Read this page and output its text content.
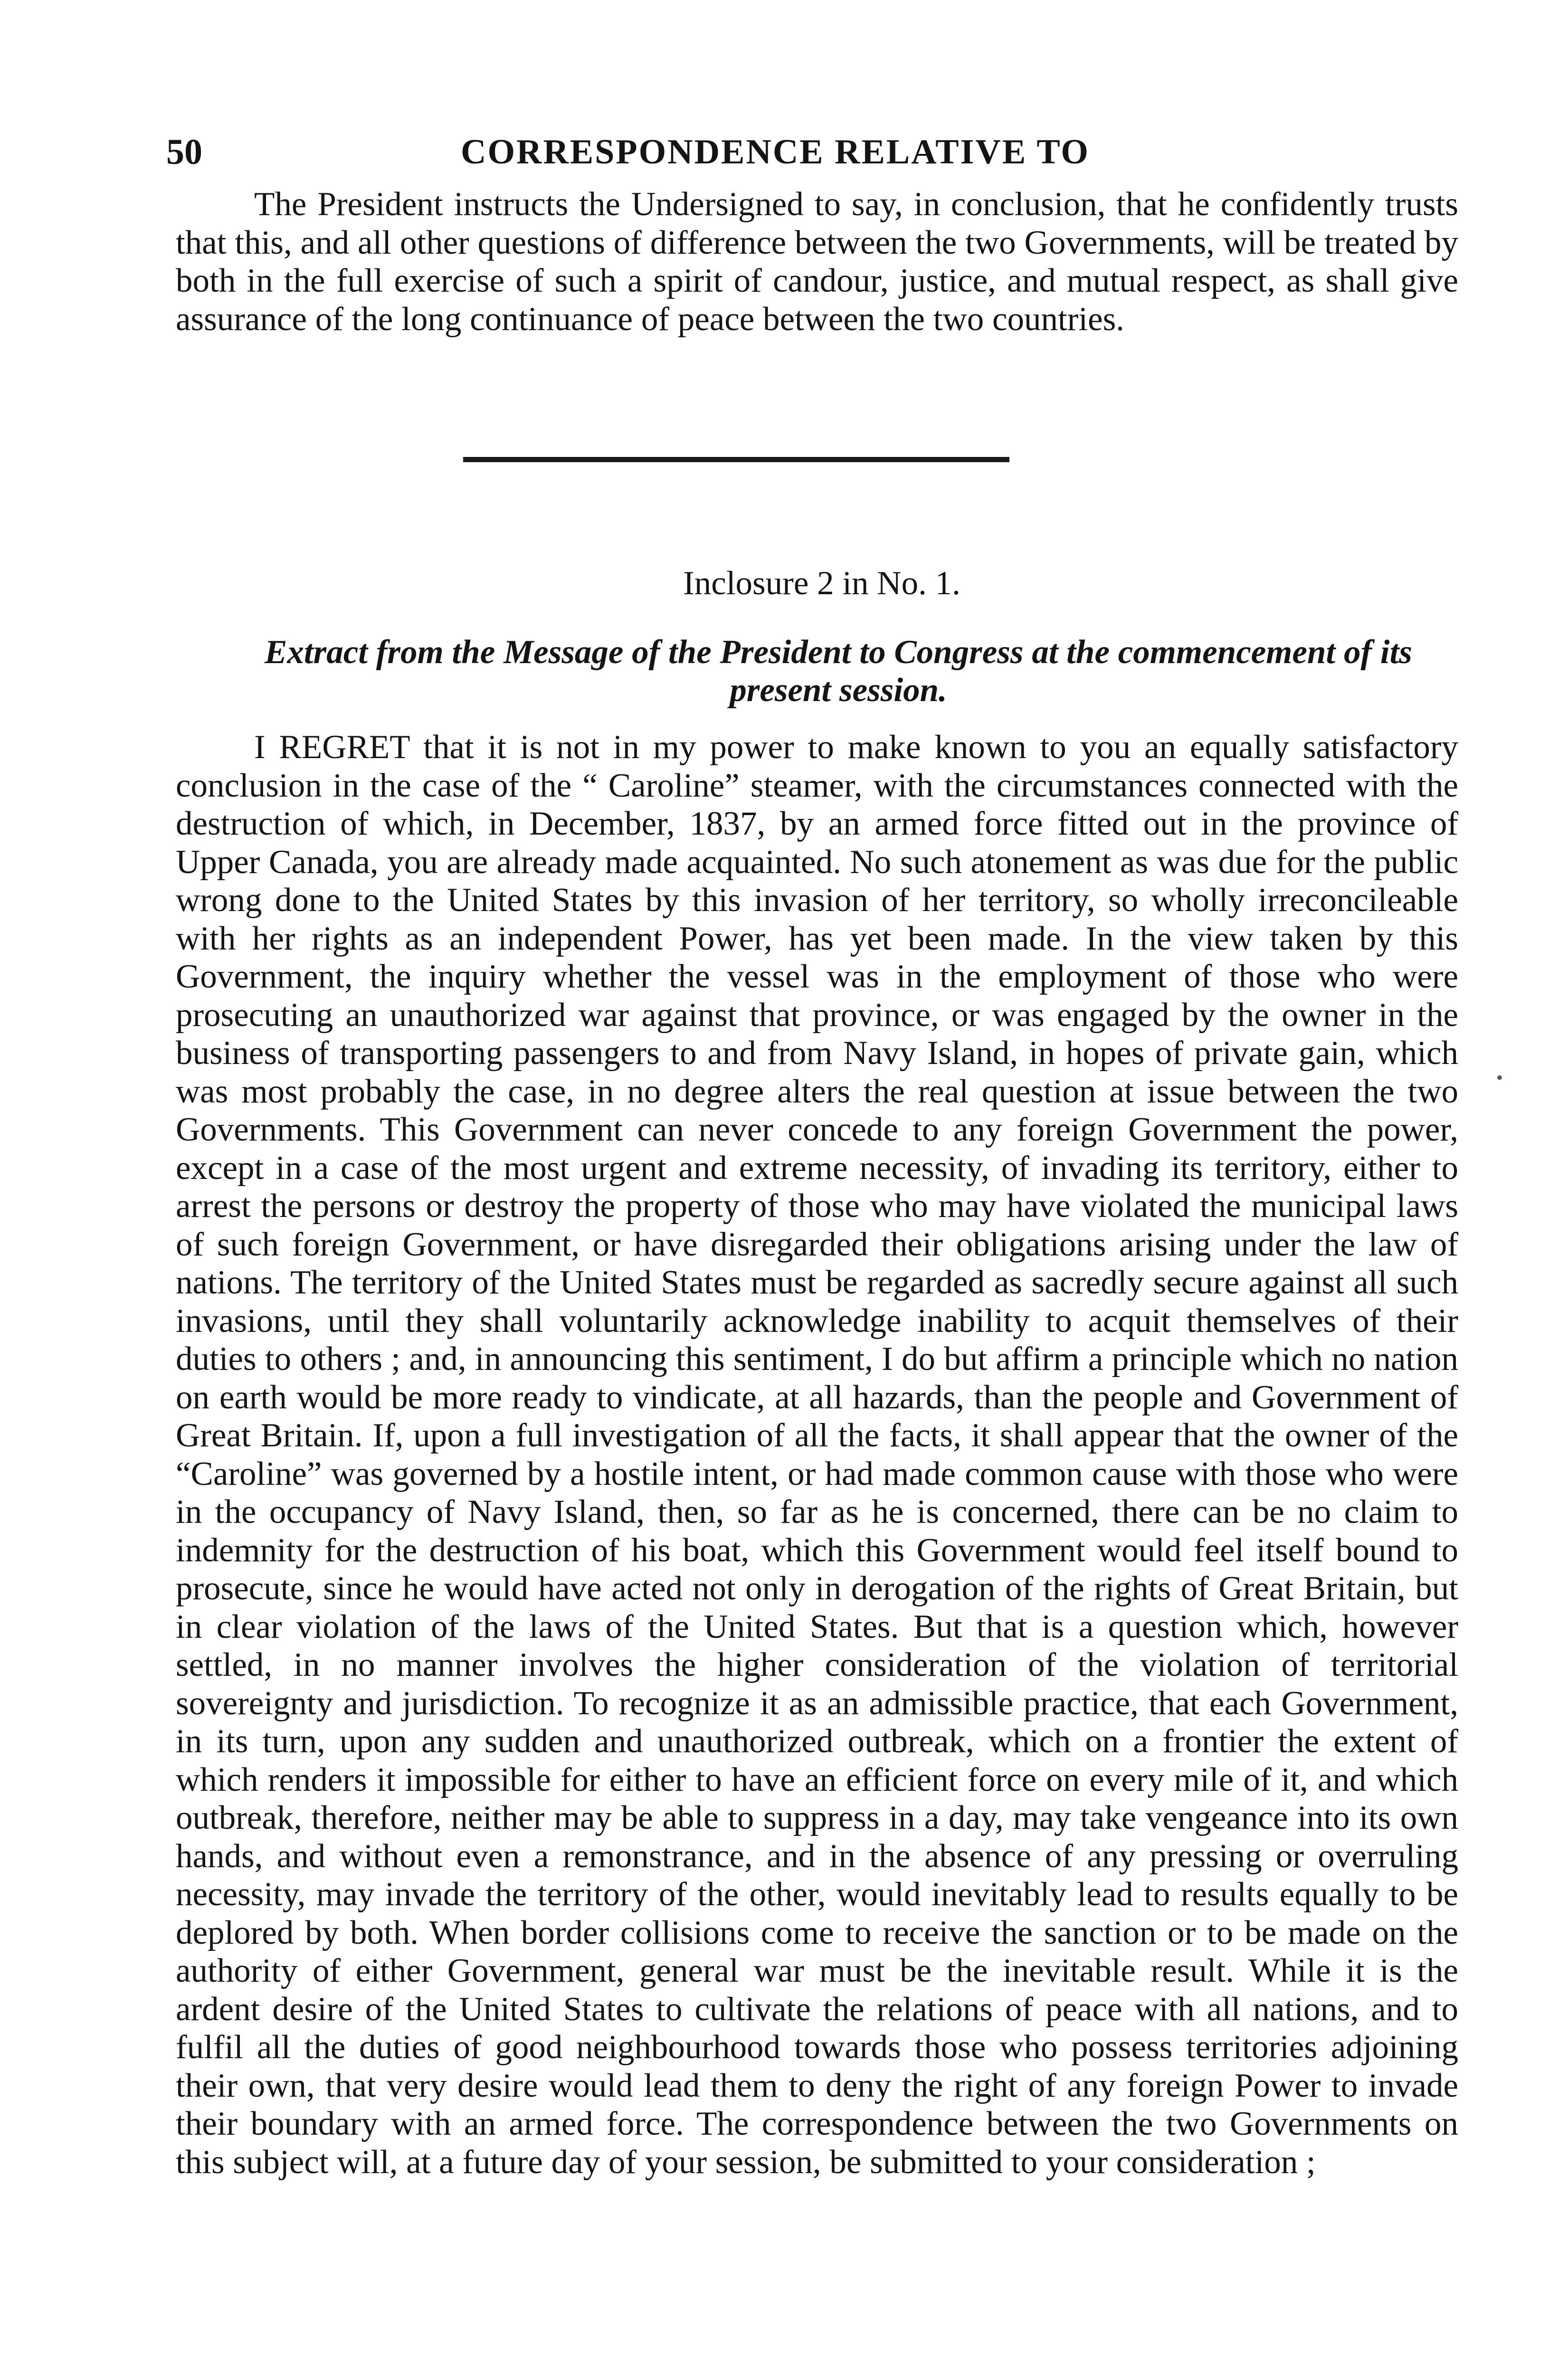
50	CORRESPONDENCE RELATIVE TO

The President instructs the Undersigned to say, in conclusion, that he confidently trusts that this, and all other questions of difference between the two Governments, will be treated by both in the full exercise of such a spirit of candour, justice, and mutual respect, as shall give assurance of the long continuance of peace between the two countries.

Inclosure 2 in No. 1.
Extract from the Message of the President to Congress at the commencement of its present session.

I REGRET that it is not in my power to make known to you an equally satisfactory conclusion in the case of the “ Caroline” steamer, with the circumstances connected with the destruction of which, in December, 1837, by an armed force fitted out in the province of Upper Canada, you are already made acquainted. No such atonement as was due for the public wrong done to the United States by this invasion of her territory, so wholly irreconcileable with her rights as an independent Power, has yet been made. In the view taken by this Government, the inquiry whether the vessel was in the employment of those who were prosecuting an unauthorized war against that province, or was engaged by the owner in the business of transporting passengers to and from Navy Island, in hopes of private gain, which was most probably the case, in no degree alters the real question at issue between the two Governments. This Government can never concede to any foreign Government the power, except in a case of the most urgent and extreme necessity, of invading its territory, either to arrest the persons or destroy the property of those who may have violated the municipal laws of such foreign Government, or have disregarded their obligations arising under the law of nations. The territory of the United States must be regarded as sacredly secure against all such invasions, until they shall voluntarily acknowledge inability to acquit themselves of their duties to others ; and, in announcing this sentiment, I do but affirm a principle which no nation on earth would be more ready to vindicate, at all hazards, than the people and Government of Great Britain. If, upon a full investigation of all the facts, it shall appear that the owner of the “Caroline” was governed by a hostile intent, or had made common cause with those who were in the occupancy of Navy Island, then, so far as he is concerned, there can be no claim to indemnity for the destruction of his boat, which this Government would feel itself bound to prosecute, since he would have acted not only in derogation of the rights of Great Britain, but in clear violation of the laws of the United States. But that is a question which, however settled, in no manner involves the higher consideration of the violation of territorial sovereignty and jurisdiction. To recognize it as an admissible practice, that each Government, in its turn, upon any sudden and unauthorized outbreak, which on a frontier the extent of which renders it impossible for either to have an efficient force on every mile of it, and which outbreak, therefore, neither may be able to suppress in a day, may take vengeance into its own hands, and without even a remonstrance, and in the absence of any pressing or overruling necessity, may invade the territory of the other, would inevitably lead to results equally to be deplored by both. When border collisions come to receive the sanction or to be made on the authority of either Government, general war must be the inevitable result. While it is the ardent desire of the United States to cultivate the relations of peace with all nations, and to fulfil all the duties of good neighbourhood towards those who possess territories adjoining their own, that very desire would lead them to deny the right of any foreign Power to invade their boundary with an armed force. The correspondence between the two Governments on this subject will, at a future day of your session, be submitted to your consideration ;

•
